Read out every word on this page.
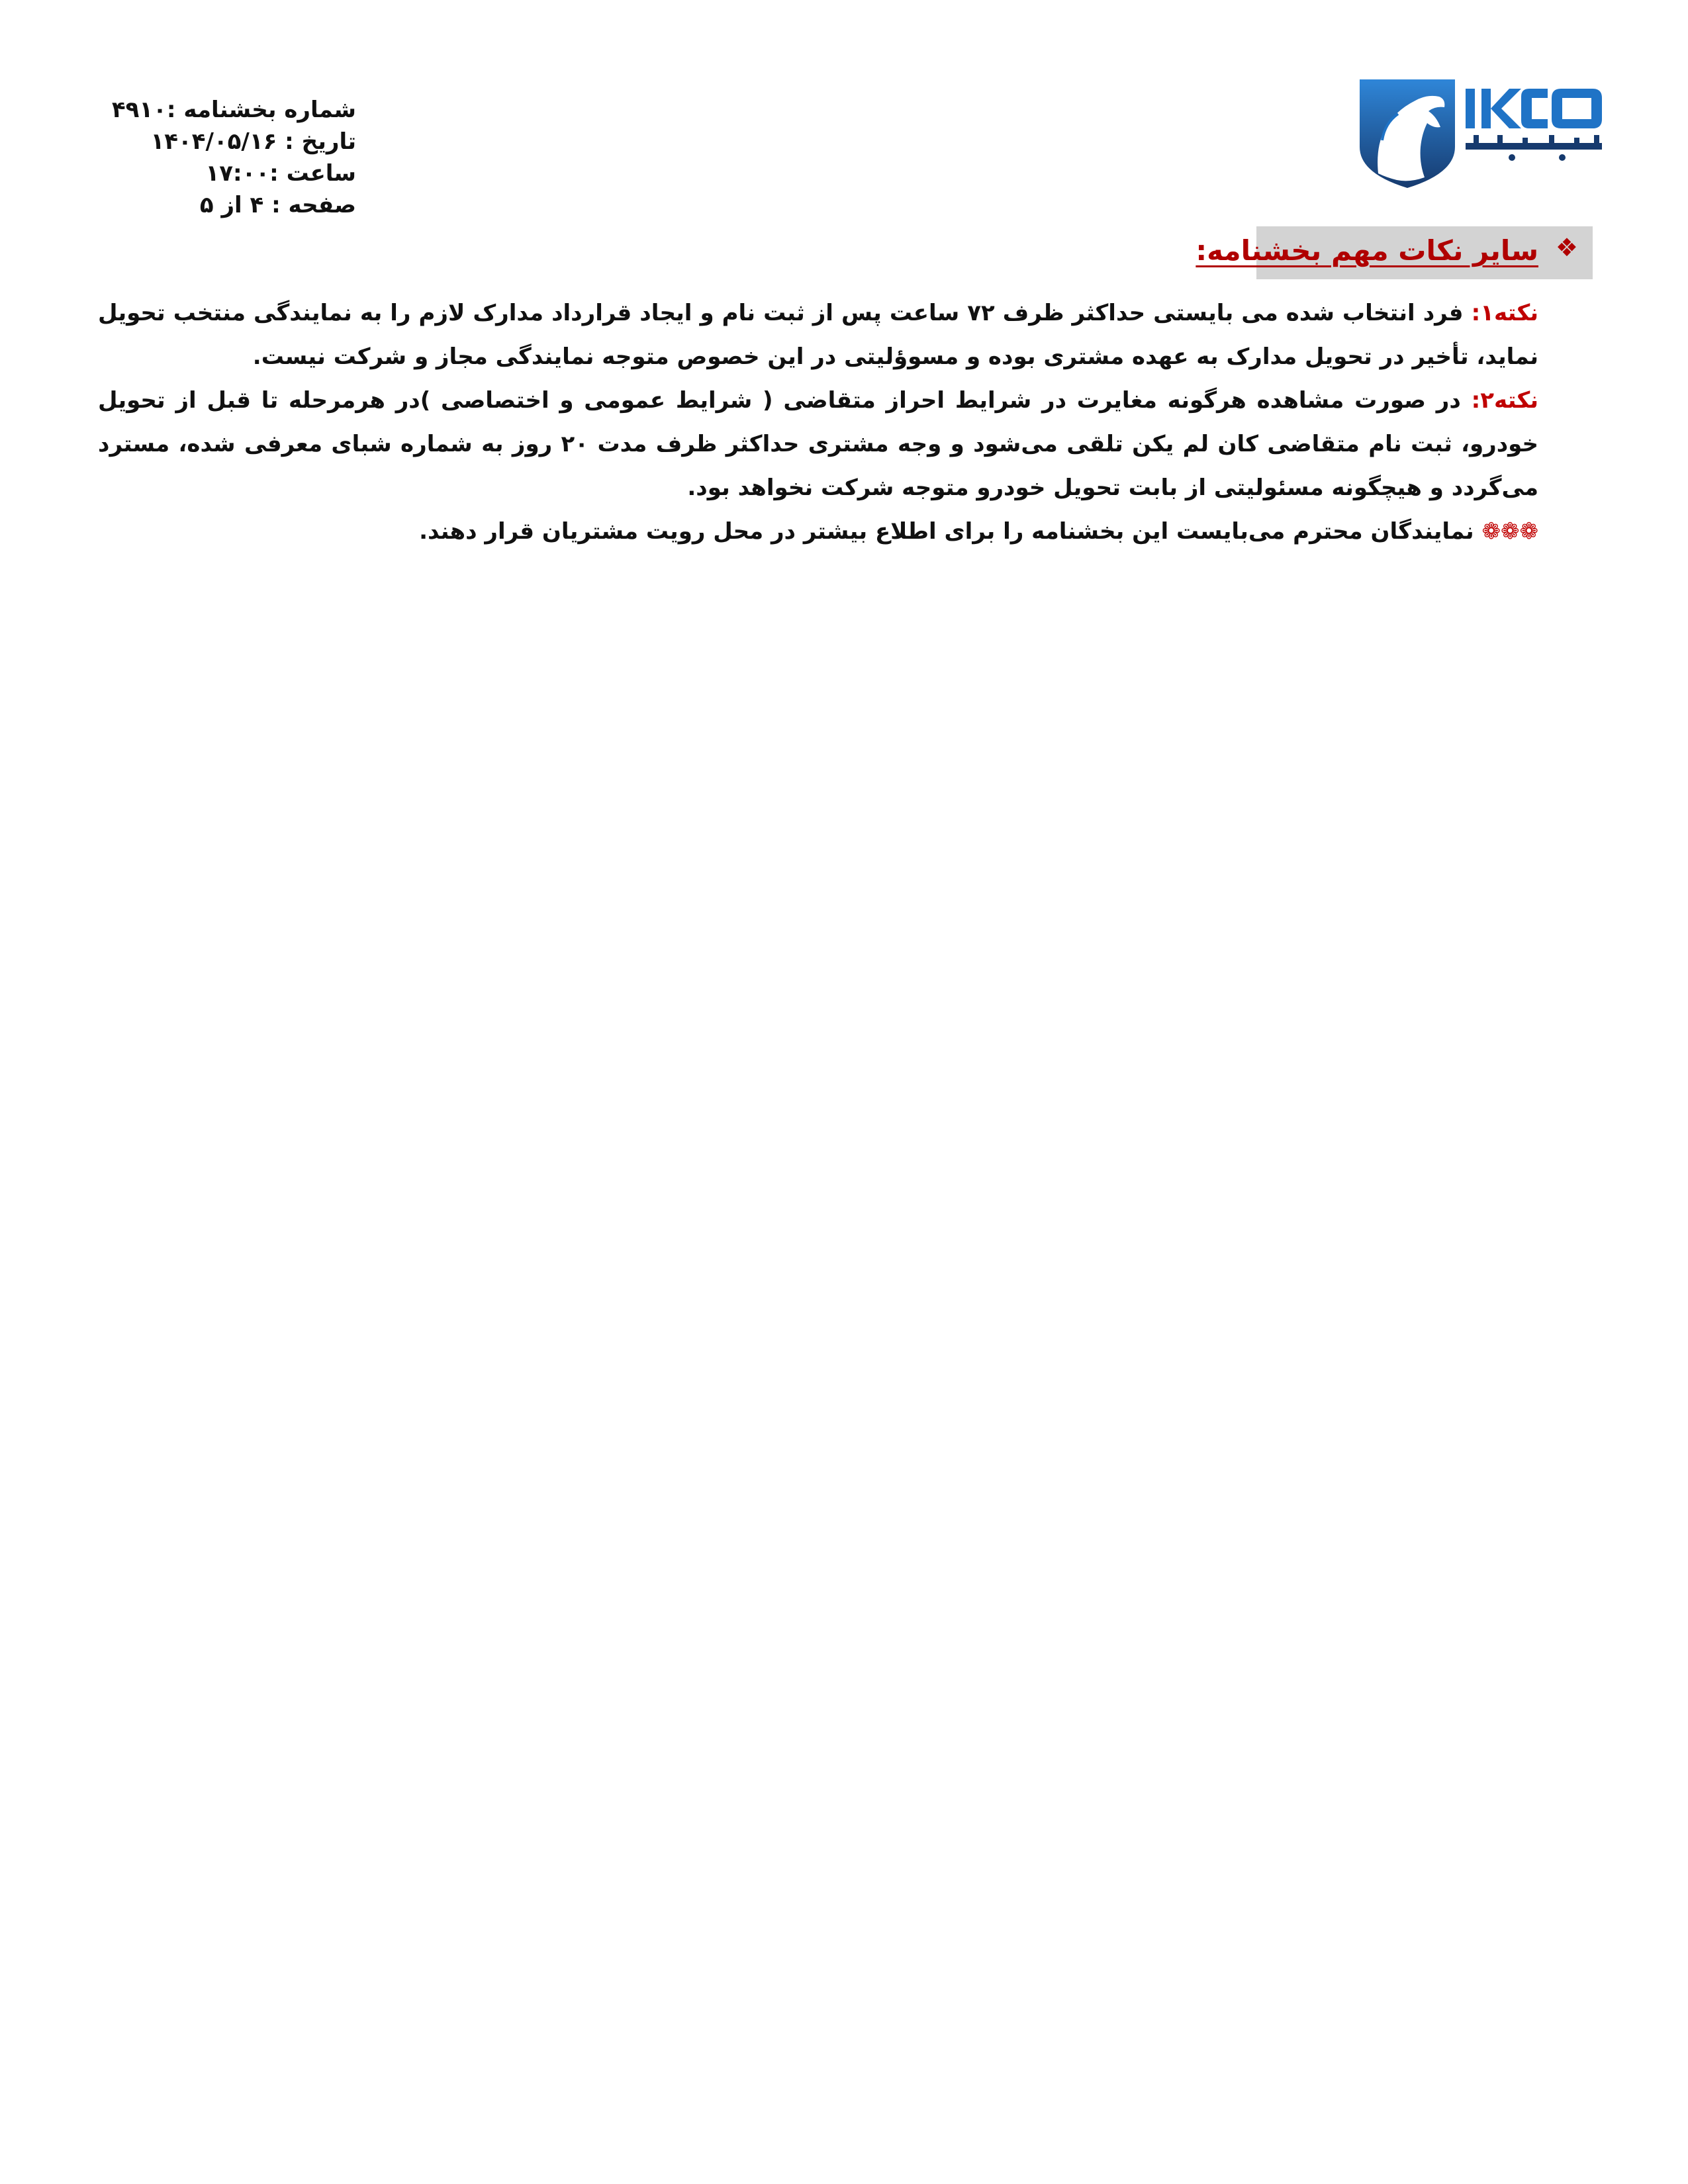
شماره بخشنامه :۴۹۱۰
تاریخ : ۱۴۰۴/۰۵/۱۶
ساعت :۱۷:۰۰
صفحه : ۴ از ۵
❖
سایر نکات مهم بخشنامه:

نکته۱: فرد انتخاب شده می بایستی حداکثر ظرف ۷۲ ساعت پس از ثبت نام و ایجاد قرارداد مدارک لازم را به نمایندگی منتخب تحویل نماید، تأخیر در تحویل مدارک به عهده مشتری بوده و مسوؤلیتی در این خصوص متوجه نمایندگی مجاز و شرکت نیست.

نکته۲: در صورت مشاهده هرگونه مغایرت در شرایط احراز متقاضی ( شرایط عمومی و اختصاصی )در هرمرحله تا قبل از تحویل خودرو، ثبت نام متقاضی کان لم یکن تلقی می‌شود و وجه مشتری حداکثر ظرف مدت ۲۰ روز به شماره شبای معرفی شده، مسترد می‌گردد و هیچگونه مسئولیتی از بابت تحویل خودرو متوجه شرکت نخواهد بود.

❁❁❁ نمایندگان محترم می‌بایست این بخشنامه را برای اطلاع بیشتر در محل رویت مشتریان قرار دهند.
